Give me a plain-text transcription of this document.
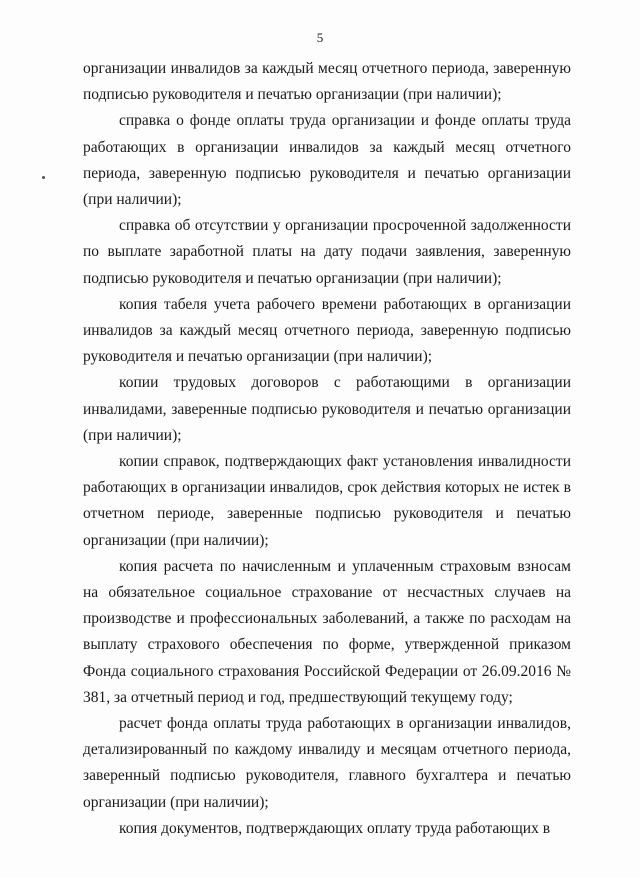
5

организации инвалидов за каждый месяц отчетного периода, заверенную подписью руководителя и печатью организации (при наличии);

справка о фонде оплаты труда организации и фонде оплаты труда работающих в организации инвалидов за каждый месяц отчетного периода, заверенную подписью руководителя и печатью организации (при наличии);

справка об отсутствии у организации просроченной задолженности по выплате заработной платы на дату подачи заявления, заверенную подписью руководителя и печатью организации (при наличии);

копия табеля учета рабочего времени работающих в организации инвалидов за каждый месяц отчетного периода, заверенную подписью руководителя и печатью организации (при наличии);

копии трудовых договоров с работающими в организации инвалидами, заверенные подписью руководителя и печатью организации (при наличии);

копии справок, подтверждающих факт установления инвалидности работающих в организации инвалидов, срок действия которых не истек в отчетном периоде, заверенные подписью руководителя и печатью организации (при наличии);

копия расчета по начисленным и уплаченным страховым взносам на обязательное социальное страхование от несчастных случаев на производстве и профессиональных заболеваний, а также по расходам на выплату страхового обеспечения по форме, утвержденной приказом Фонда социального страхования Российской Федерации от 26.09.2016 № 381, за отчетный период и год, предшествующий текущему году;

расчет фонда оплаты труда работающих в организации инвалидов, детализированный по каждому инвалиду и месяцам отчетного периода, заверенный подписью руководителя, главного бухгалтера и печатью организации (при наличии);

копия документов, подтверждающих оплату труда работающих в
